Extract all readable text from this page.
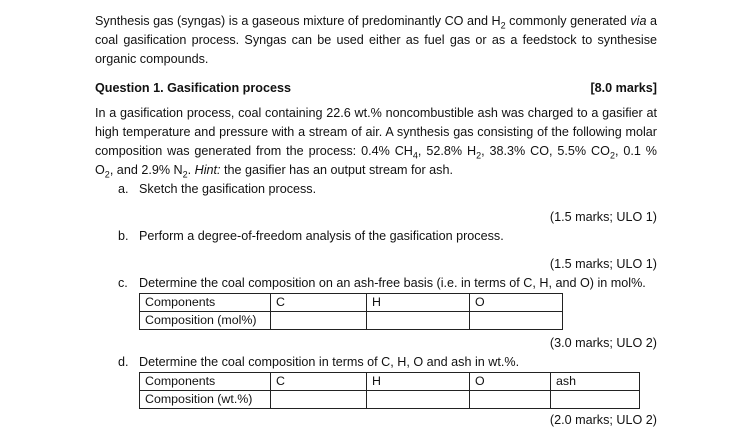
Synthesis gas (syngas) is a gaseous mixture of predominantly CO and $H_2$ commonly generated via a coal gasification process. Syngas can be used either as fuel gas or as a feedstock to synthesise organic compounds.

Question 1. Gasification process	[8.0 marks]

In a gasification process, coal containing 22.6 wt.% noncombustible ash was charged to a gasifier at high temperature and pressure with a stream of air. A synthesis gas consisting of the following molar composition was generated from the process: 0.4% $CH_4$, 52.8% $H_2$, 38.3% CO, 5.5% $CO_2$, 0.1 % $O_2$, and 2.9% $N_2$. Hint: the gasifier has an output stream for ash.

a. Sketch the gasification process.
(1.5 marks; ULO 1)
b. Perform a degree-of-freedom analysis of the gasification process.
(1.5 marks; ULO 1)
c. Determine the coal composition on an ash-free basis (i.e. in terms of C, H, and O) in mol%.

Components	C	H	O
Composition (mol%)			
(3.0 marks; ULO 2)
d. Determine the coal composition in terms of C, H, O and ash in wt.%.
Components	C	H	O	ash
Composition (wt.%)				
(2.0 marks; ULO 2)
